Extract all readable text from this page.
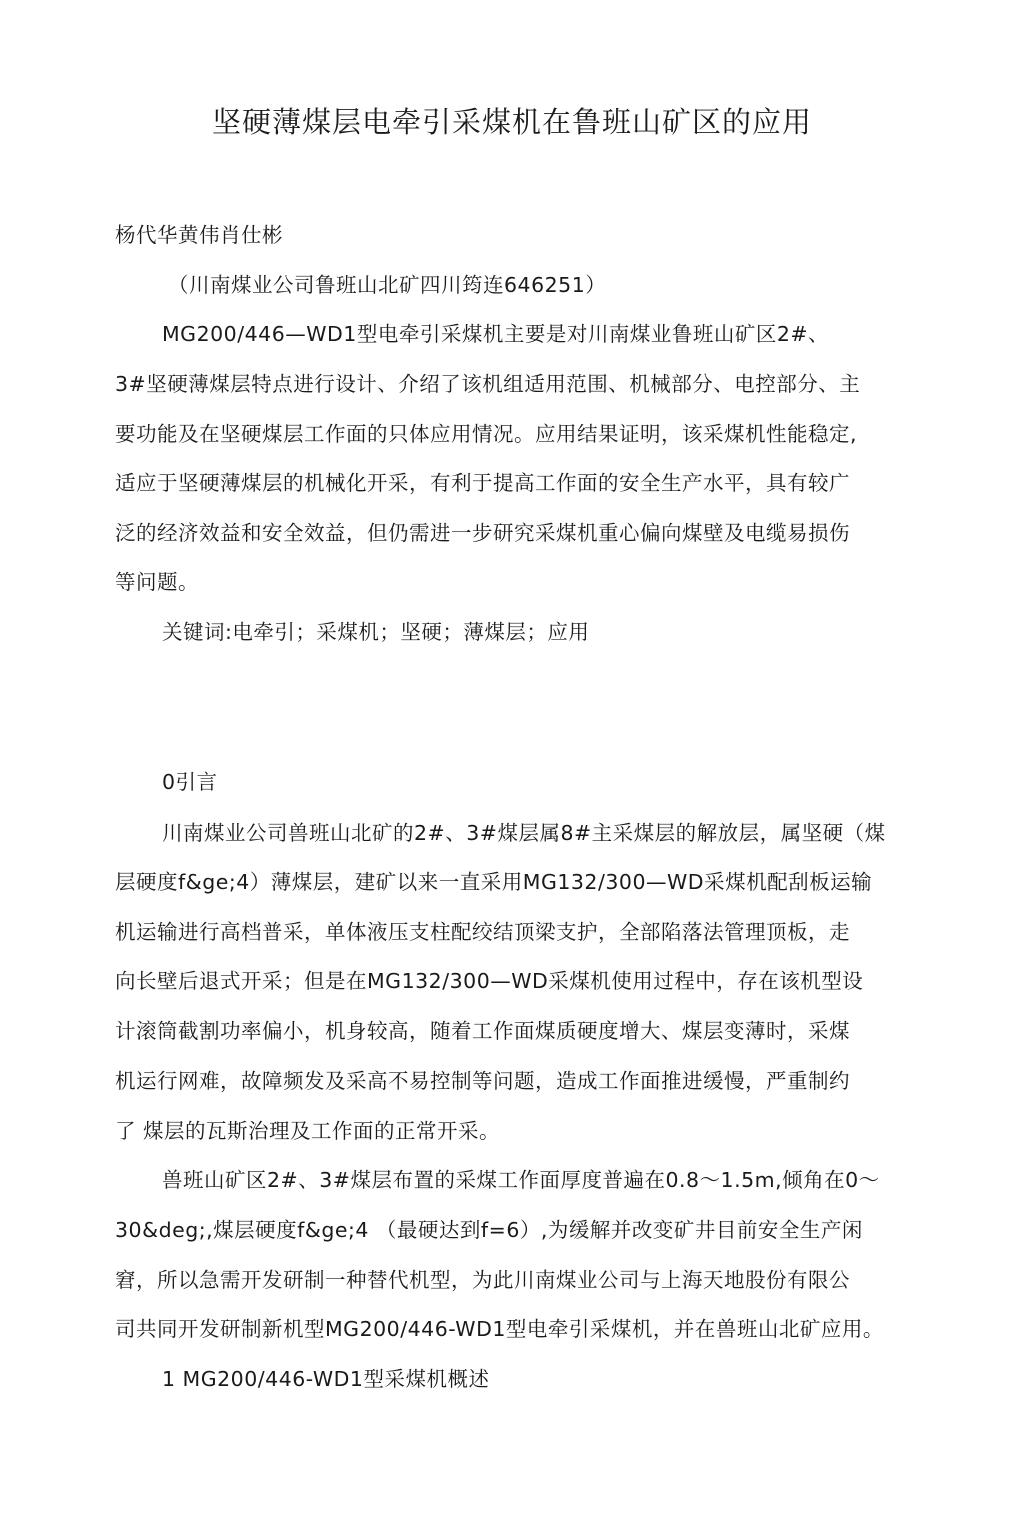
坚硬薄煤层电牵引采煤机在鲁班山矿区的应用
杨代华黄伟肖仕彬
（川南煤业公司鲁班山北矿四川筠连646251）
MG200/446—WD1型电牵引采煤机主要是对川南煤业鲁班山矿区2#、
3#坚硬薄煤层特点进行设计、介绍了该机组适用范围、机械部分、电控部分、主
要功能及在坚硬煤层工作面的只体应用情况。应用结果证明，该采煤机性能稳定,
适应于坚硬薄煤层的机械化开采，有利于提高工作面的安全生产水平，具有较广
泛的经济效益和安全效益，但仍需进一步研究采煤机重心偏向煤壁及电缆易损伤
等问题。
关键词:电牵引；采煤机；坚硬；薄煤层；应用
0引言
川南煤业公司兽班山北矿的2#、3#煤层属8#主采煤层的解放层，属坚硬（煤
层硬度f&ge;4）薄煤层，建矿以来一直采用MG132/300—WD采煤机配刮板运输
机运输进行高档普采，单体液压支柱配绞结顶梁支护，全部陷落法管理顶板，走
向长壁后退式开采；但是在MG132/300—WD采煤机使用过程中，存在该机型设
计滚筒截割功率偏小，机身较高，随着工作面煤质硬度增大、煤层变薄时，采煤
机运行网难，故障频发及采高不易控制等问题，造成工作面推进缓慢，严重制约
了 煤层的瓦斯治理及工作面的正常开采。
兽班山矿区2#、3#煤层布置的采煤工作面厚度普遍在0.8～1.5m,倾角在0～
30&deg;,煤层硬度f&ge;4 （最硬达到f=6）,为缓解并改变矿井目前安全生产闲
窘，所以急需开发研制一种替代机型，为此川南煤业公司与上海天地股份有限公
司共同开发研制新机型MG200/446-WD1型电牵引采煤机，并在兽班山北矿应用。
1 MG200/446-WD1型采煤机概述
